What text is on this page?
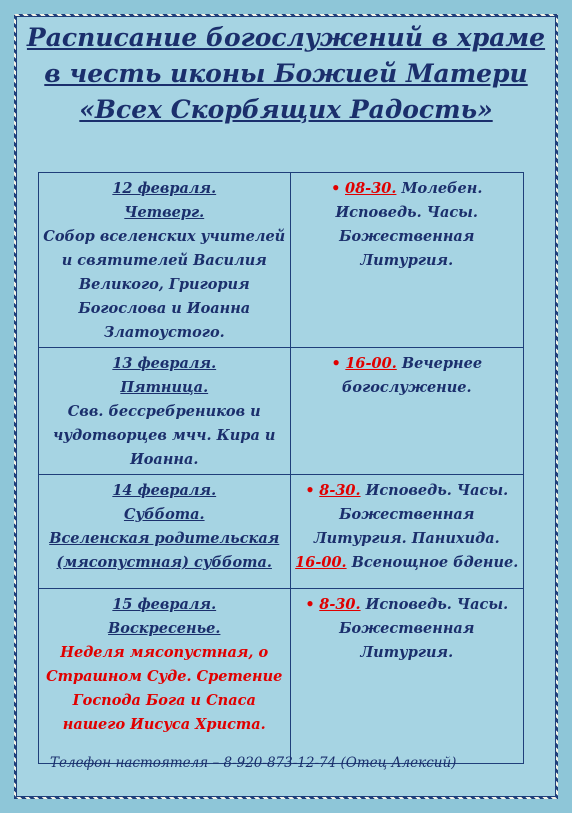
Расписание богослужений в храме
в честь иконы Божией Матери
«Всех Скорбящих Радость»
12 февраля.
Четверг.
Собор вселенских учителей и святителей Василия Великого, Григория Богослова и Иоанна Златоустого.	• 08-30. Молебен. Исповедь. Часы. Божественная Литургия.

13 февраля.
Пятница.
Свв. бессребреников и чудотворцев мчч. Кира и Иоанна.	• 16-00. Вечернее богослужение.

14 февраля.
Суббота.
Вселенская родительская (мясопустная) суббота.	• 8-30. Исповедь. Часы. Божественная Литургия. Панихида.
16-00. Всенощное бдение.

15 февраля.
Воскресенье.
Неделя мясопустная, о Страшном Суде. Сретение Господа Бога и Спаса нашего Иисуса Христа.	• 8-30. Исповедь. Часы. Божественная Литургия.
Телефон настоятеля – 8-920-873-12-74 (Отец Алексий)
